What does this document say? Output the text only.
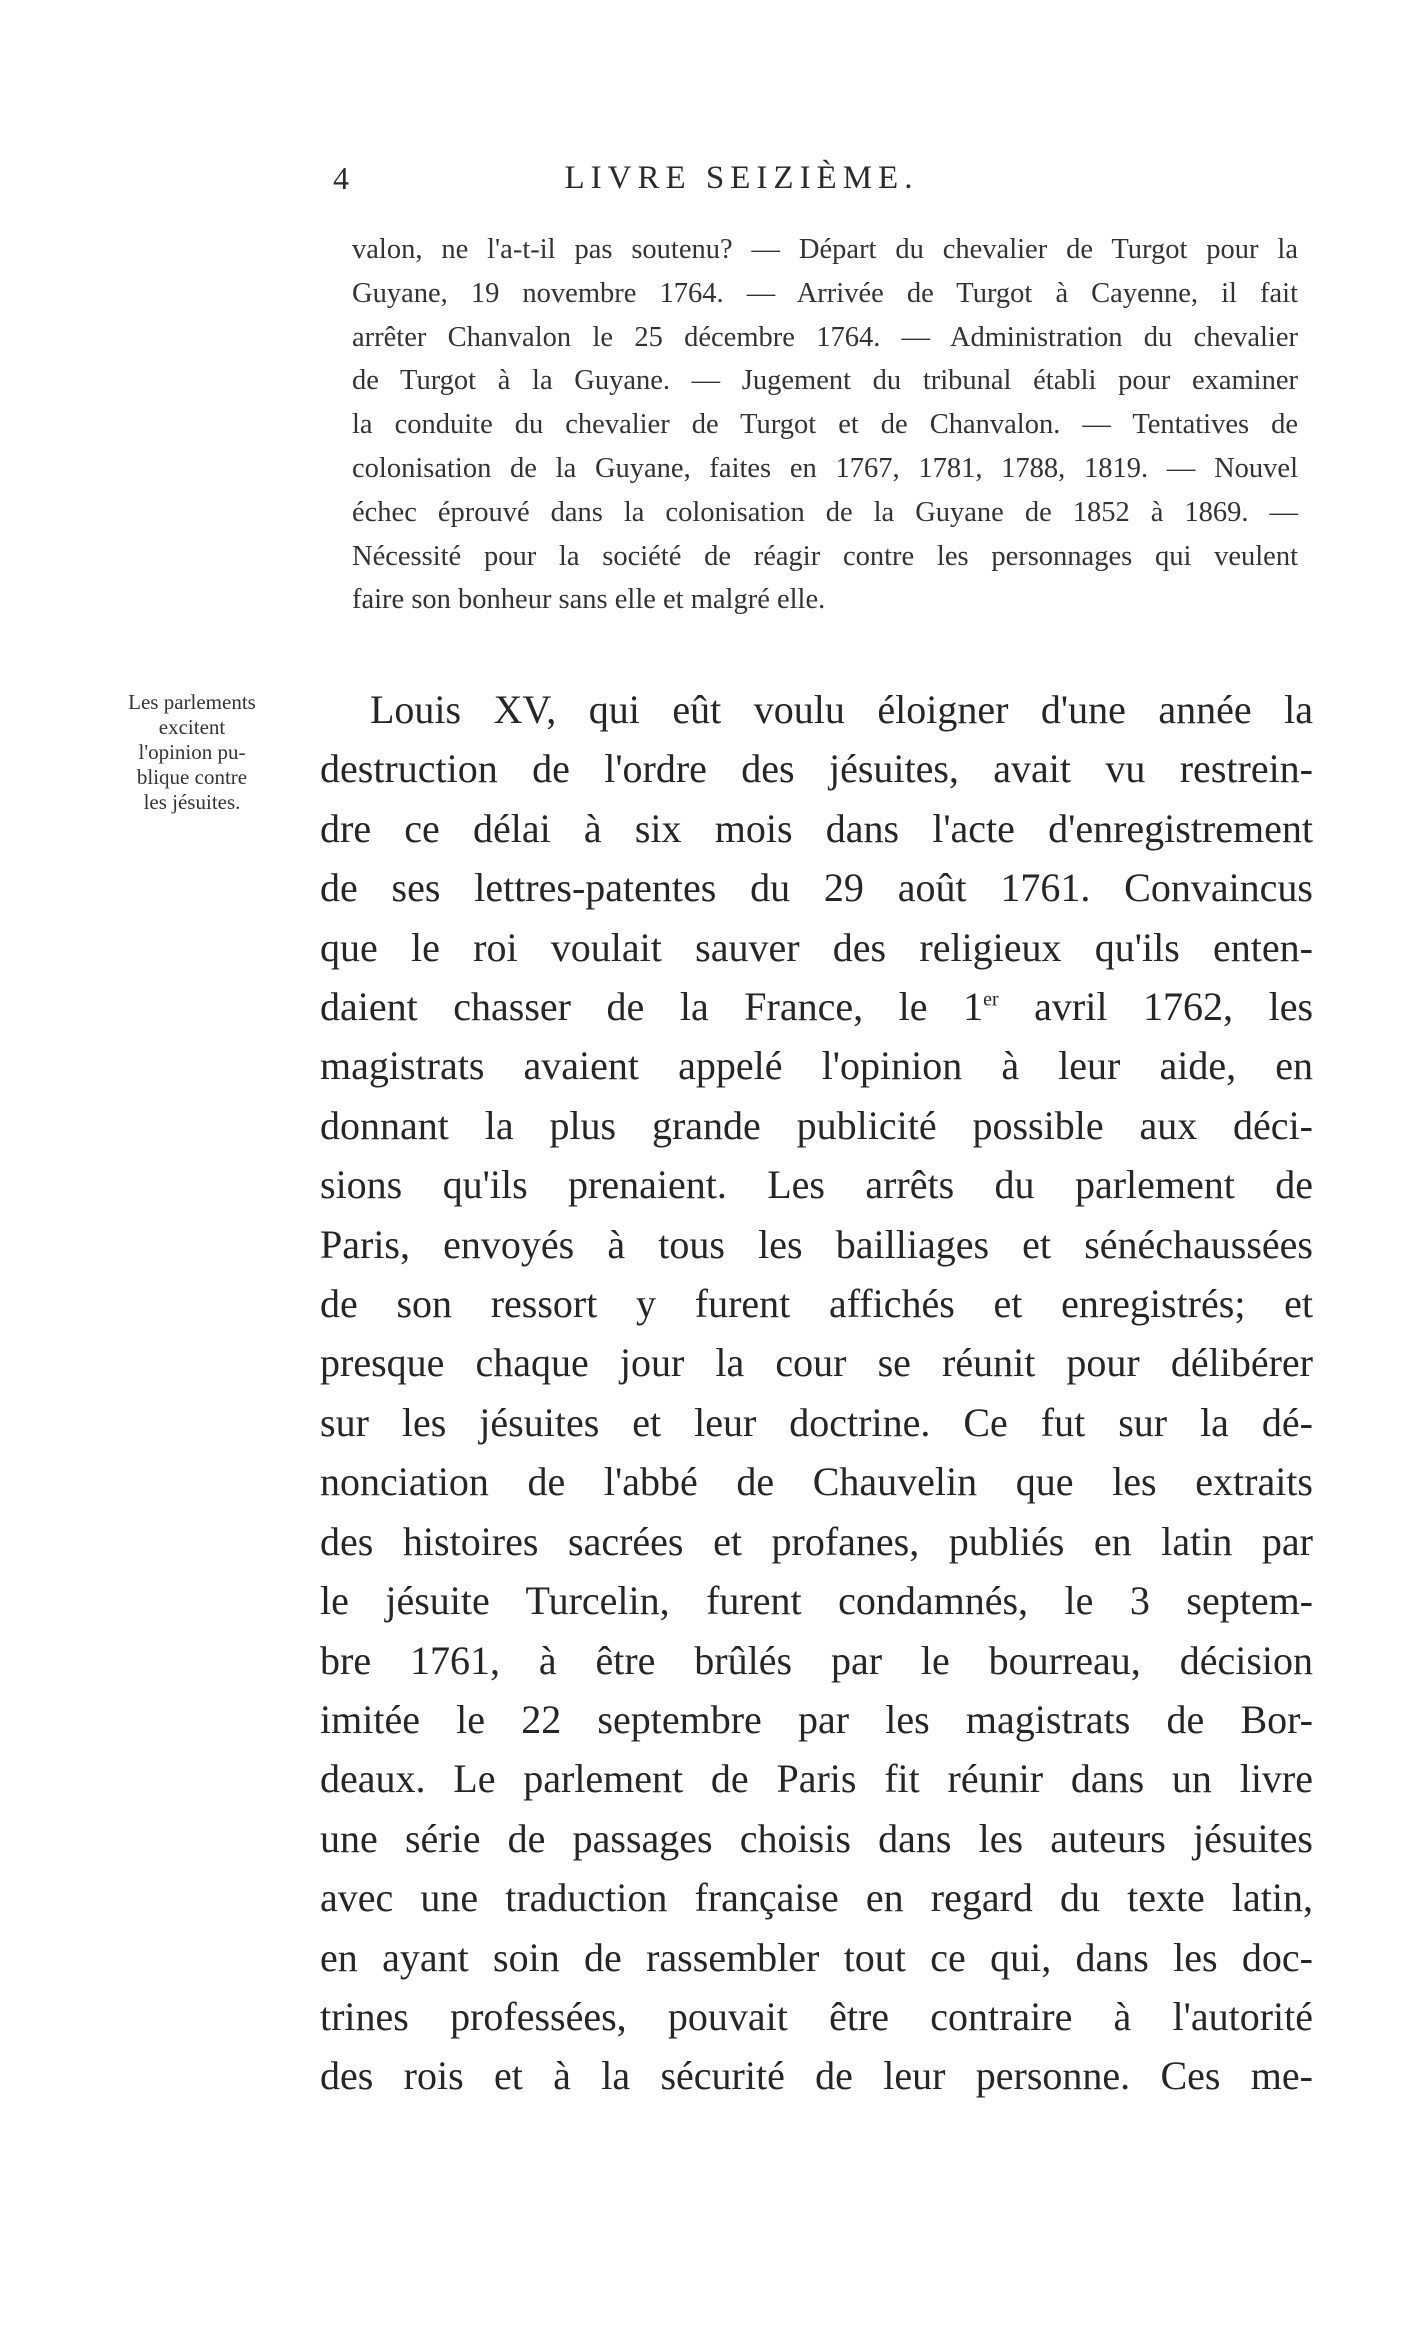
4	LIVRE SEIZIÈME.
valon, ne l'a-t-il pas soutenu? — Départ du chevalier de Turgot pour la
Guyane, 19 novembre 1764. — Arrivée de Turgot à Cayenne, il fait
arrêter Chanvalon le 25 décembre 1764. — Administration du chevalier
de Turgot à la Guyane. — Jugement du tribunal établi pour examiner
la conduite du chevalier de Turgot et de Chanvalon. — Tentatives de
colonisation de la Guyane, faites en 1767, 1781, 1788, 1819. — Nouvel
échec éprouvé dans la colonisation de la Guyane de 1852 à 1869. —
Nécessité pour la société de réagir contre les personnages qui veulent
faire son bonheur sans elle et malgré elle.
Les parlements
excitent
l'opinion pu-
blique contre
les jésuites.
Louis XV, qui eût voulu éloigner d'une année la
destruction de l'ordre des jésuites, avait vu restrein-
dre ce délai à six mois dans l'acte d'enregistrement
de ses lettres-patentes du 29 août 1761. Convaincus
que le roi voulait sauver des religieux qu'ils enten-
daient chasser de la France, le 1er avril 1762, les
magistrats avaient appelé l'opinion à leur aide, en
donnant la plus grande publicité possible aux déci-
sions qu'ils prenaient. Les arrêts du parlement de
Paris, envoyés à tous les bailliages et sénéchaussées
de son ressort y furent affichés et enregistrés; et
presque chaque jour la cour se réunit pour délibérer
sur les jésuites et leur doctrine. Ce fut sur la dé-
nonciation de l'abbé de Chauvelin que les extraits
des histoires sacrées et profanes, publiés en latin par
le jésuite Turcelin, furent condamnés, le 3 septem-
bre 1761, à être brûlés par le bourreau, décision
imitée le 22 septembre par les magistrats de Bor-
deaux. Le parlement de Paris fit réunir dans un livre
une série de passages choisis dans les auteurs jésuites
avec une traduction française en regard du texte latin,
en ayant soin de rassembler tout ce qui, dans les doc-
trines professées, pouvait être contraire à l'autorité
des rois et à la sécurité de leur personne. Ces me-
